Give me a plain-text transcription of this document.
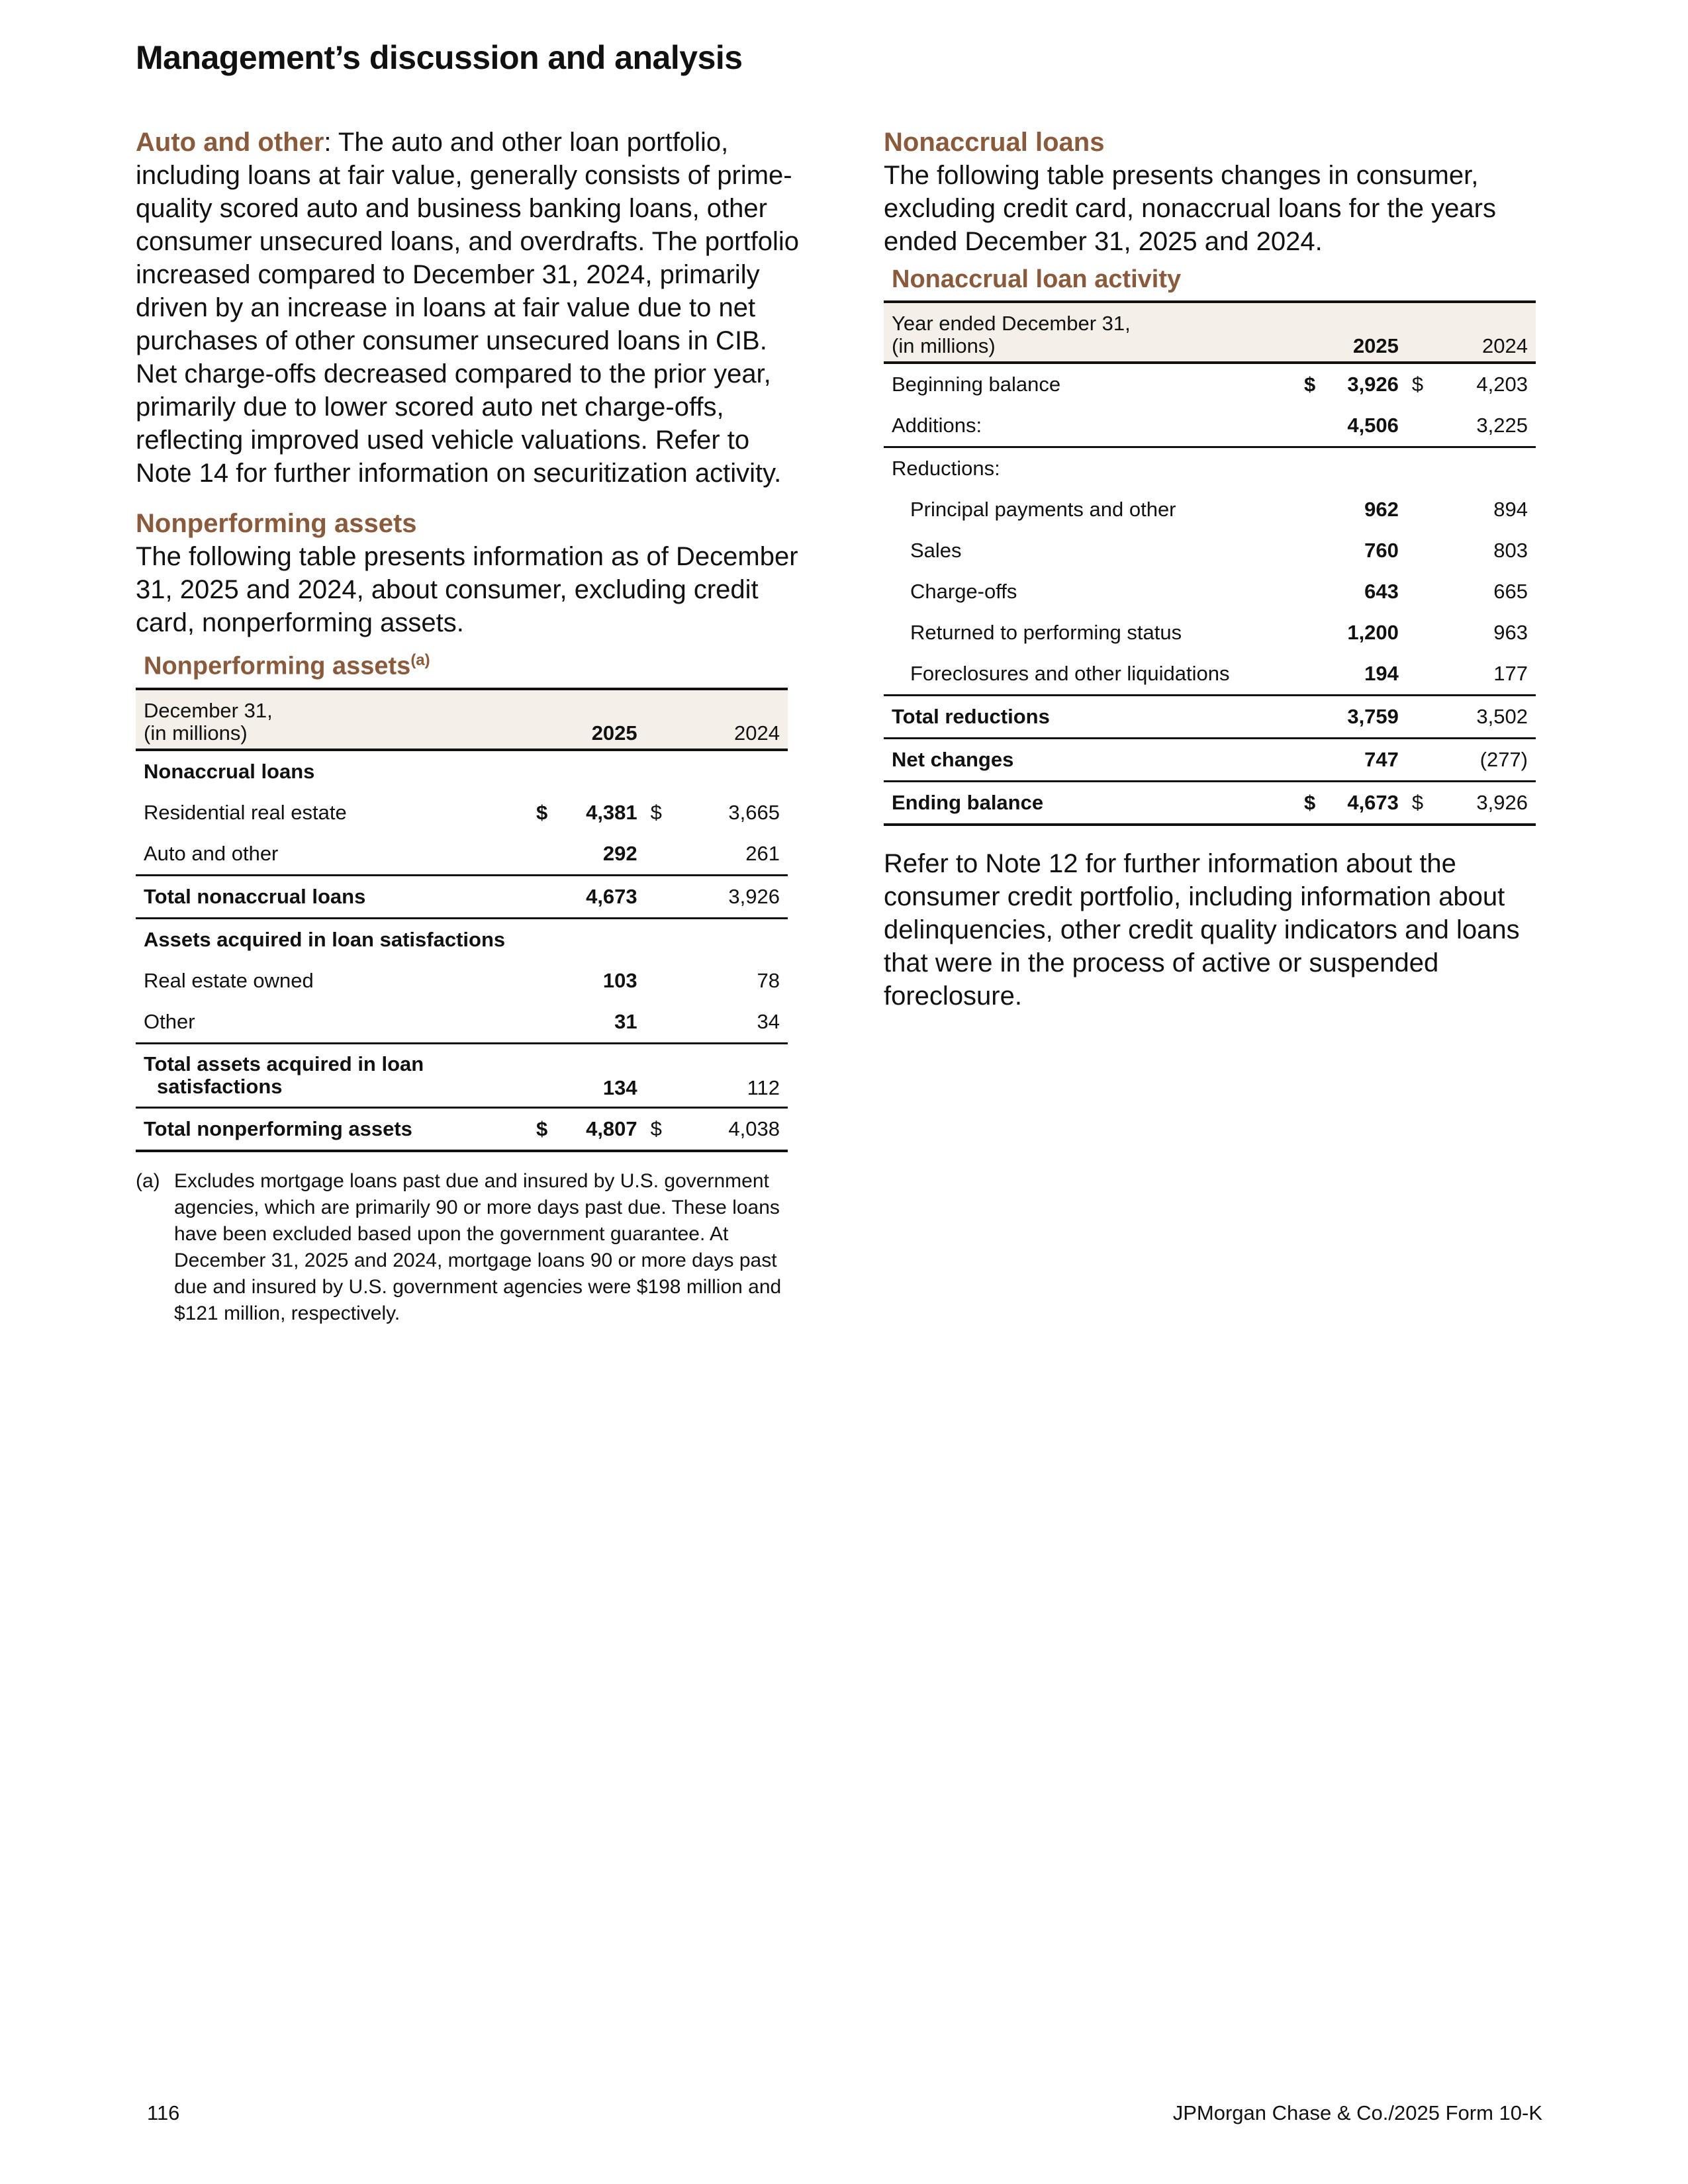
Management’s discussion and analysis

Auto and other: The auto and other loan portfolio, including loans at fair value, generally consists of prime-quality scored auto and business banking loans, other consumer unsecured loans, and overdrafts. The portfolio increased compared to December 31, 2024, primarily driven by an increase in loans at fair value due to net purchases of other consumer unsecured loans in CIB. Net charge-offs decreased compared to the prior year, primarily due to lower scored auto net charge-offs, reflecting improved used vehicle valuations. Refer to Note 14 for further information on securitization activity.

Nonperforming assets

The following table presents information as of December 31, 2025 and 2024, about consumer, excluding credit card, nonperforming assets.

Nonperforming assets$^{(a)}$
December 31,
(in millions)		2025		2024
Nonaccrual loans				
Residential real estate	$	4,381	$	3,665
Auto and other		292		261
Total nonaccrual loans		4,673		3,926
Assets acquired in loan satisfactions				
Real estate owned		103		78
Other		31		34

Total assets acquired in loan
satisfactions		134		112
Total nonperforming assets	$	4,807	$	4,038
(a) Excludes mortgage loans past due and insured by U.S. government agencies, which are primarily 90 or more days past due. These loans have been excluded based upon the government guarantee. At December 31, 2025 and 2024, mortgage loans 90 or more days past due and insured by U.S. government agencies were $198 million and $121 million, respectively.

Nonaccrual loans

The following table presents changes in consumer, excluding credit card, nonaccrual loans for the years ended December 31, 2025 and 2024.

Nonaccrual loan activity
Year ended December 31,
(in millions)		2025		2024
Beginning balance	$	3,926	$	4,203
Additions:		4,506		3,225
Reductions:				
Principal payments and other		962		894
Sales		760		803
Charge-offs		643		665
Returned to performing status		1,200		963
Foreclosures and other liquidations		194		177
Total reductions		3,759		3,502
Net changes		747		(277)
Ending balance	$	4,673	$	3,926

Refer to Note 12 for further information about the consumer credit portfolio, including information about delinquencies, other credit quality indicators and loans that were in the process of active or suspended foreclosure.

116	JPMorgan Chase & Co./2025 Form 10-K
